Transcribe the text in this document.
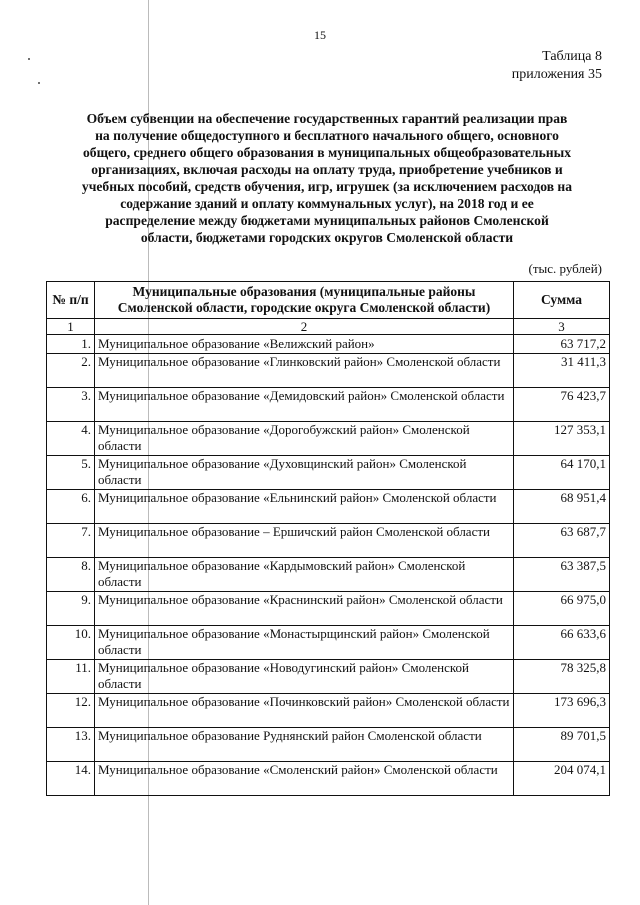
15
Таблица 8
приложения 35
Объем субвенции на обеспечение государственных гарантий реализации прав
на получение общедоступного и бесплатного начального общего, основного
общего, среднего общего образования в муниципальных общеобразовательных
организациях, включая расходы на оплату труда, приобретение учебников и
учебных пособий, средств обучения, игр, игрушек (за исключением расходов на
содержание зданий и оплату коммунальных услуг), на 2018 год и ее
распределение между бюджетами муниципальных районов Смоленской
области, бюджетами городских округов Смоленской области
(тыс. рублей)
№ п/п	Муниципальные образования (муниципальные районы Смоленской области, городские округа Смоленской области)	Сумма
1	2	3
1.	Муниципальное образование «Велижский район»	63 717,2
2.	Муниципальное образование «Глинковский район» Смоленской области	31 411,3
3.	Муниципальное образование «Демидовский район» Смоленской области	76 423,7
4.	Муниципальное образование «Дорогобужский район» Смоленской области	127 353,1
5.	Муниципальное образование «Духовщинский район» Смоленской области	64 170,1
6.	Муниципальное образование «Ельнинский район» Смоленской области	68 951,4
7.	Муниципальное образование – Ершичский район Смоленской области	63 687,7
8.	Муниципальное образование «Кардымовский район» Смоленской области	63 387,5
9.	Муниципальное образование «Краснинский район» Смоленской области	66 975,0
10.	Муниципальное образование «Монастырщинский район» Смоленской области	66 633,6
11.	Муниципальное образование «Новодугинский район» Смоленской области	78 325,8
12.	Муниципальное образование «Починковский район» Смоленской области	173 696,3
13.	Муниципальное образование Руднянский район Смоленской области	89 701,5
14.	Муниципальное образование «Смоленский район» Смоленской области	204 074,1
